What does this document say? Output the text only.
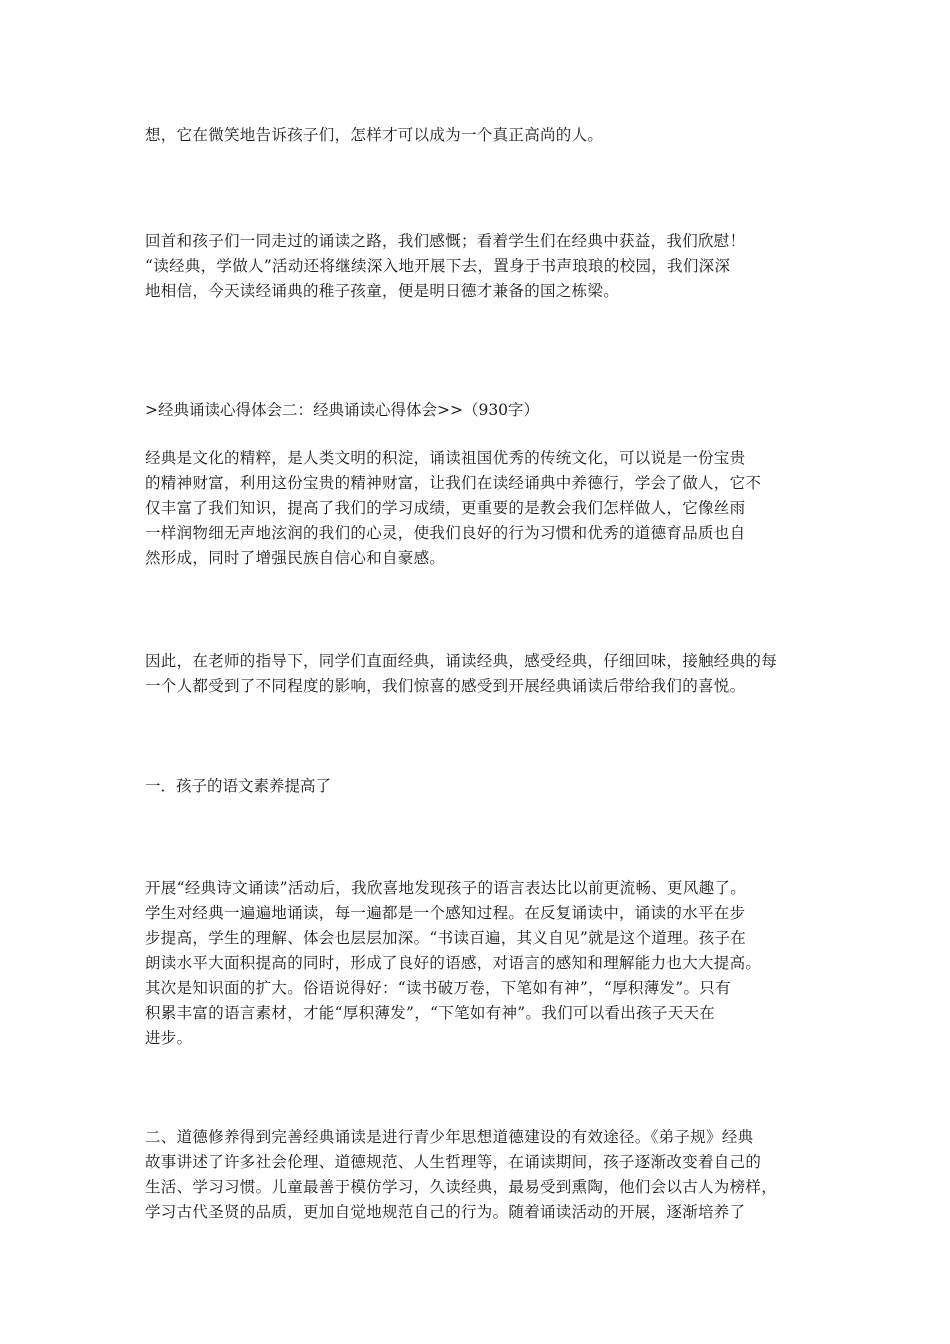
想，它在微笑地告诉孩子们，怎样才可以成为一个真正高尚的人。

回首和孩子们一同走过的诵读之路，我们感慨；看着学生们在经典中获益，我们欣慰！
“读经典，学做人”活动还将继续深入地开展下去，置身于书声琅琅的校园，我们深深
地相信，今天读经诵典的稚子孩童，便是明日德才兼备的国之栋梁。

>经典诵读心得体会二：经典诵读心得体会>>（930字）

经典是文化的精粹，是人类文明的积淀，诵读祖国优秀的传统文化，可以说是一份宝贵
的精神财富，利用这份宝贵的精神财富，让我们在读经诵典中养德行，学会了做人，它不
仅丰富了我们知识，提高了我们的学习成绩，更重要的是教会我们怎样做人，它像丝雨
一样润物细无声地泫润的我们的心灵，使我们良好的行为习惯和优秀的道德育品质也自
然形成，同时了增强民族自信心和自豪感。

因此，在老师的指导下，同学们直面经典，诵读经典，感受经典，仔细回味，接触经典的每
一个人都受到了不同程度的影响，我们惊喜的感受到开展经典诵读后带给我们的喜悦。

一．孩子的语文素养提高了

开展“经典诗文诵读”活动后，我欣喜地发现孩子的语言表达比以前更流畅、更风趣了。
学生对经典一遍遍地诵读，每一遍都是一个感知过程。在反复诵读中，诵读的水平在步
步提高，学生的理解、体会也层层加深。“书读百遍，其义自见”就是这个道理。孩子在
朗读水平大面积提高的同时，形成了良好的语感，对语言的感知和理解能力也大大提高。
其次是知识面的扩大。俗语说得好：“读书破万卷，下笔如有神”，“厚积薄发”。只有
积累丰富的语言素材，才能“厚积薄发”，“下笔如有神”。我们可以看出孩子天天在
进步。

二、道德修养得到完善经典诵读是进行青少年思想道德建设的有效途径。《弟子规》经典
故事讲述了许多社会伦理、道德规范、人生哲理等，在诵读期间，孩子逐渐改变着自己的
生活、学习习惯。儿童最善于模仿学习，久读经典，最易受到熏陶，他们会以古人为榜样，
学习古代圣贤的品质，更加自觉地规范自己的行为。随着诵读活动的开展，逐渐培养了
